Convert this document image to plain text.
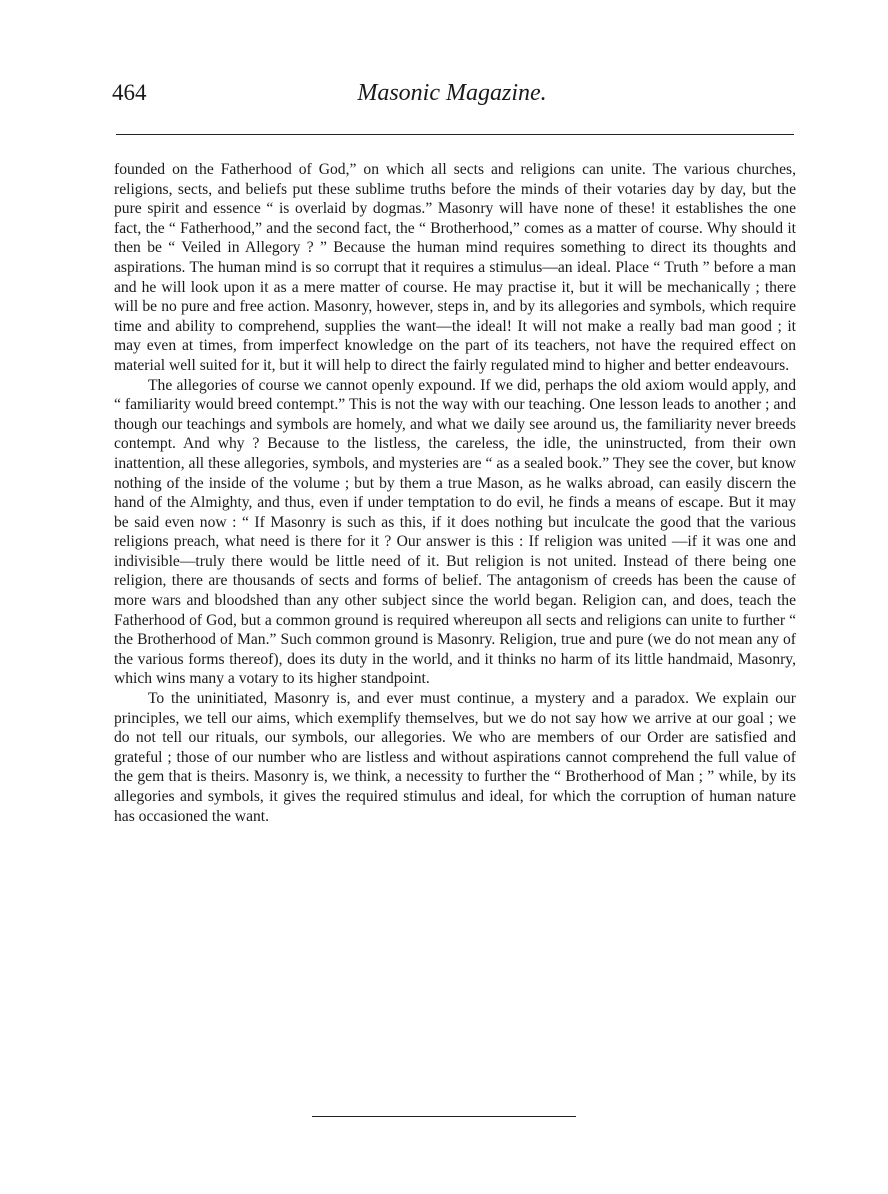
464	Masonic Magazine.

founded on the Fatherhood of God,” on which all sects and religions can unite. The various churches, religions, sects, and beliefs put these sublime truths before the minds of their votaries day by day, but the pure spirit and essence “ is overlaid by dogmas.” Masonry will have none of these! it establishes the one fact, the “ Fatherhood,” and the second fact, the “ Brotherhood,” comes as a matter of course. Why should it then be “ Veiled in Allegory ? ” Because the human mind requires something to direct its thoughts and aspirations. The human mind is so corrupt that it requires a stimulus—an ideal. Place “ Truth ” before a man and he will look upon it as a mere matter of course. He may practise it, but it will be mechanically ; there will be no pure and free action. Masonry, however, steps in, and by its allegories and symbols, which require time and ability to comprehend, supplies the want—the ideal! It will not make a really bad man good ; it may even at times, from imperfect knowledge on the part of its teachers, not have the required effect on material well suited for it, but it will help to direct the fairly regulated mind to higher and better endeavours.

The allegories of course we cannot openly expound. If we did, perhaps the old axiom would apply, and “ familiarity would breed contempt.” This is not the way with our teaching. One lesson leads to another ; and though our teachings and symbols are homely, and what we daily see around us, the familiarity never breeds contempt. And why ? Because to the listless, the careless, the idle, the uninstructed, from their own inattention, all these allegories, symbols, and mysteries are “ as a sealed book.” They see the cover, but know nothing of the inside of the volume ; but by them a true Mason, as he walks abroad, can easily discern the hand of the Almighty, and thus, even if under temptation to do evil, he finds a means of escape. But it may be said even now : “ If Masonry is such as this, if it does nothing but inculcate the good that the various religions preach, what need is there for it ? Our answer is this : If religion was united —if it was one and indivisible—truly there would be little need of it. But religion is not united. Instead of there being one religion, there are thousands of sects and forms of belief. The antagonism of creeds has been the cause of more wars and bloodshed than any other subject since the world began. Religion can, and does, teach the Fatherhood of God, but a common ground is required whereupon all sects and religions can unite to further “ the Brotherhood of Man.” Such common ground is Masonry. Religion, true and pure (we do not mean any of the various forms thereof), does its duty in the world, and it thinks no harm of its little handmaid, Masonry, which wins many a votary to its higher standpoint.

To the uninitiated, Masonry is, and ever must continue, a mystery and a paradox. We explain our principles, we tell our aims, which exemplify themselves, but we do not say how we arrive at our goal ; we do not tell our rituals, our symbols, our allegories. We who are members of our Order are satisfied and grateful ; those of our number who are listless and without aspirations cannot comprehend the full value of the gem that is theirs. Masonry is, we think, a necessity to further the “ Brotherhood of Man ; ” while, by its allegories and symbols, it gives the required stimulus and ideal, for which the corruption of human nature has occasioned the want.
